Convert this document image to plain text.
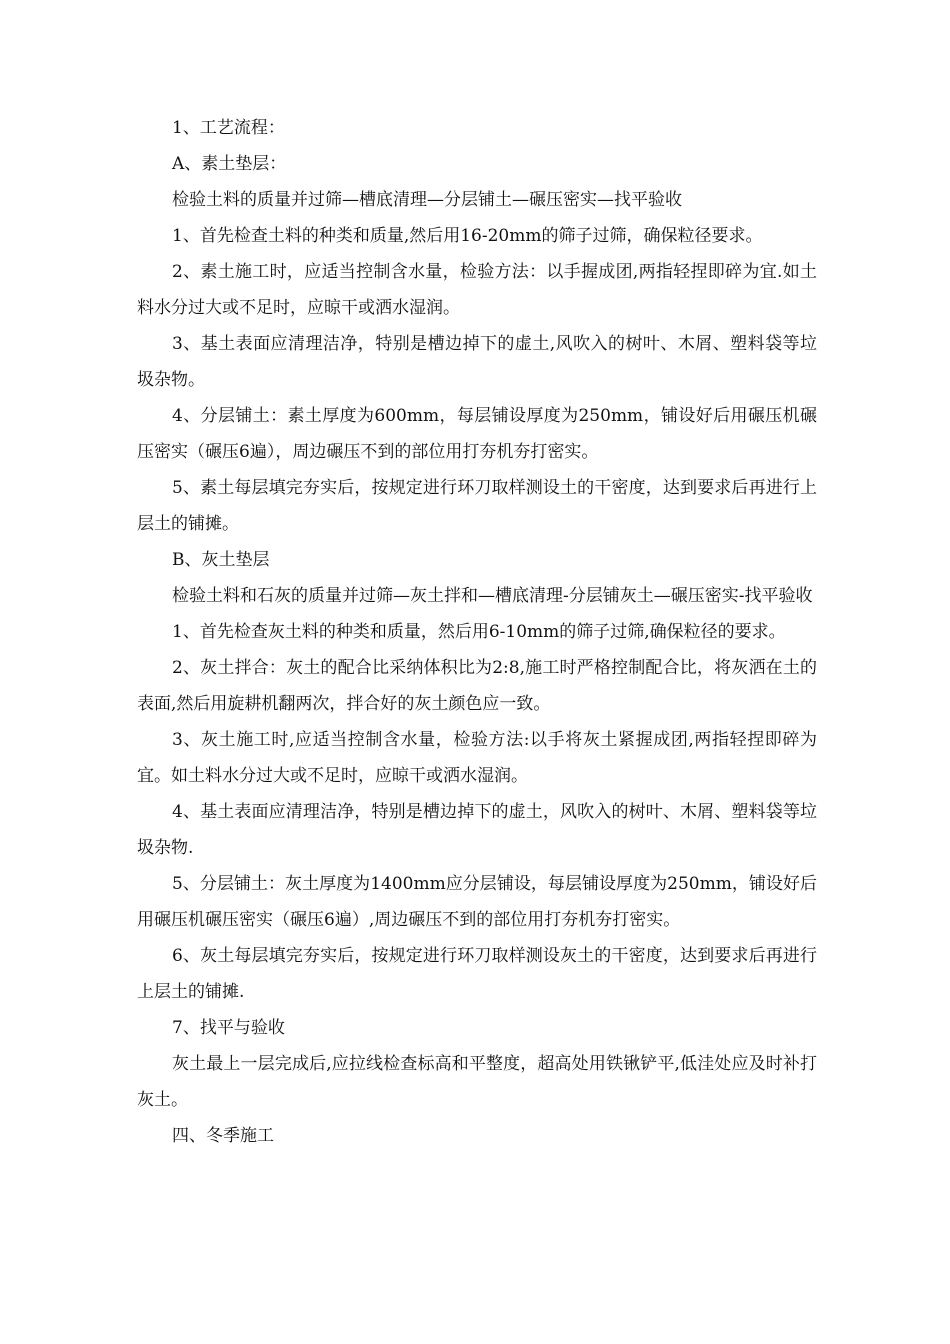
1、工艺流程：

A、素土垫层：

检验土料的质量并过筛—槽底清理—分层铺土—碾压密实—找平验收

1、首先检查土料的种类和质量,然后用16-20mm的筛子过筛，确保粒径要求。

2、素土施工时，应适当控制含水量，检验方法：以手握成团,两指轻捏即碎为宜.如土料水分过大或不足时，应晾干或洒水湿润。

3、基土表面应清理洁净，特别是槽边掉下的虚土,风吹入的树叶、木屑、塑料袋等垃圾杂物。

4、分层铺土：素土厚度为600mm，每层铺设厚度为250mm，铺设好后用碾压机碾压密实（碾压6遍），周边碾压不到的部位用打夯机夯打密实。

5、素土每层填完夯实后，按规定进行环刀取样测设土的干密度，达到要求后再进行上层土的铺摊。

B、灰土垫层

检验土料和石灰的质量并过筛—灰土拌和—槽底清理-分层铺灰土—碾压密实-找平验收

1、首先检查灰土料的种类和质量，然后用6-10mm的筛子过筛,确保粒径的要求。

2、灰土拌合：灰土的配合比采纳体积比为2:8,施工时严格控制配合比，将灰洒在土的表面,然后用旋耕机翻两次，拌合好的灰土颜色应一致。

3、灰土施工时,应适当控制含水量，检验方法:以手将灰土紧握成团,两指轻捏即碎为宜。如土料水分过大或不足时，应晾干或洒水湿润。

4、基土表面应清理洁净，特别是槽边掉下的虚土，风吹入的树叶、木屑、塑料袋等垃圾杂物.

5、分层铺土：灰土厚度为1400mm应分层铺设，每层铺设厚度为250mm，铺设好后用碾压机碾压密实（碾压6遍）,周边碾压不到的部位用打夯机夯打密实。

6、灰土每层填完夯实后，按规定进行环刀取样测设灰土的干密度，达到要求后再进行上层土的铺摊.

7、找平与验收

灰土最上一层完成后,应拉线检查标高和平整度，超高处用铁锹铲平,低洼处应及时补打灰土。

四、冬季施工
